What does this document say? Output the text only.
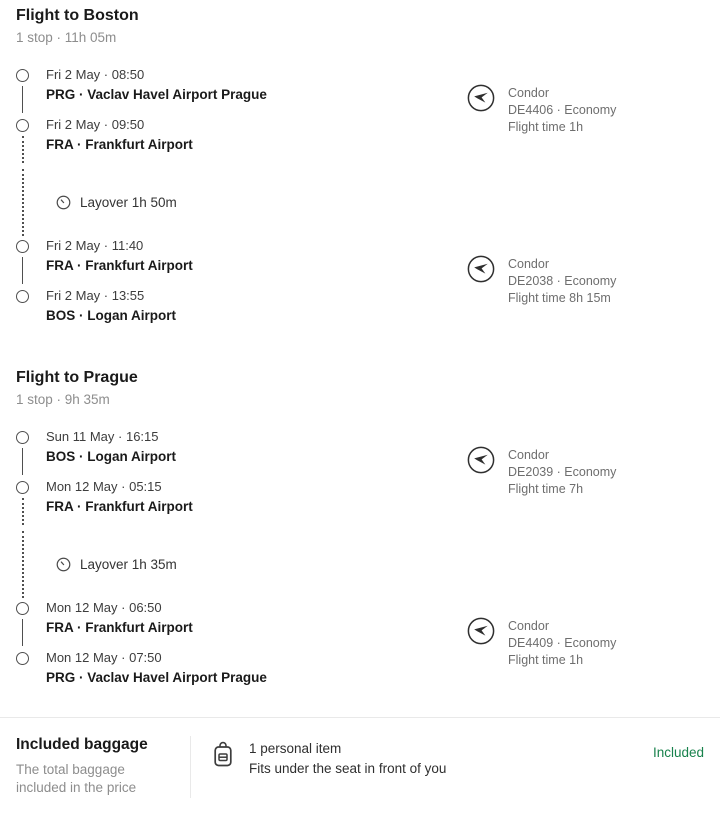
Flight to Boston
1 stop · 11h 05m
Fri 2 May · 08:50
PRG · Vaclav Havel Airport Prague
Fri 2 May · 09:50
FRA · Frankfurt Airport
Condor
DE4406 · Economy
Flight time 1h
Layover 1h 50m
Fri 2 May · 11:40
FRA · Frankfurt Airport
Fri 2 May · 13:55
BOS · Logan Airport
Condor
DE2038 · Economy
Flight time 8h 15m
Flight to Prague
1 stop · 9h 35m
Sun 11 May · 16:15
BOS · Logan Airport
Mon 12 May · 05:15
FRA · Frankfurt Airport
Condor
DE2039 · Economy
Flight time 7h
Layover 1h 35m
Mon 12 May · 06:50
FRA · Frankfurt Airport
Mon 12 May · 07:50
PRG · Vaclav Havel Airport Prague
Condor
DE4409 · Economy
Flight time 1h
Included baggage
The total baggage included in the price
1 personal item
Fits under the seat in front of you
Included
